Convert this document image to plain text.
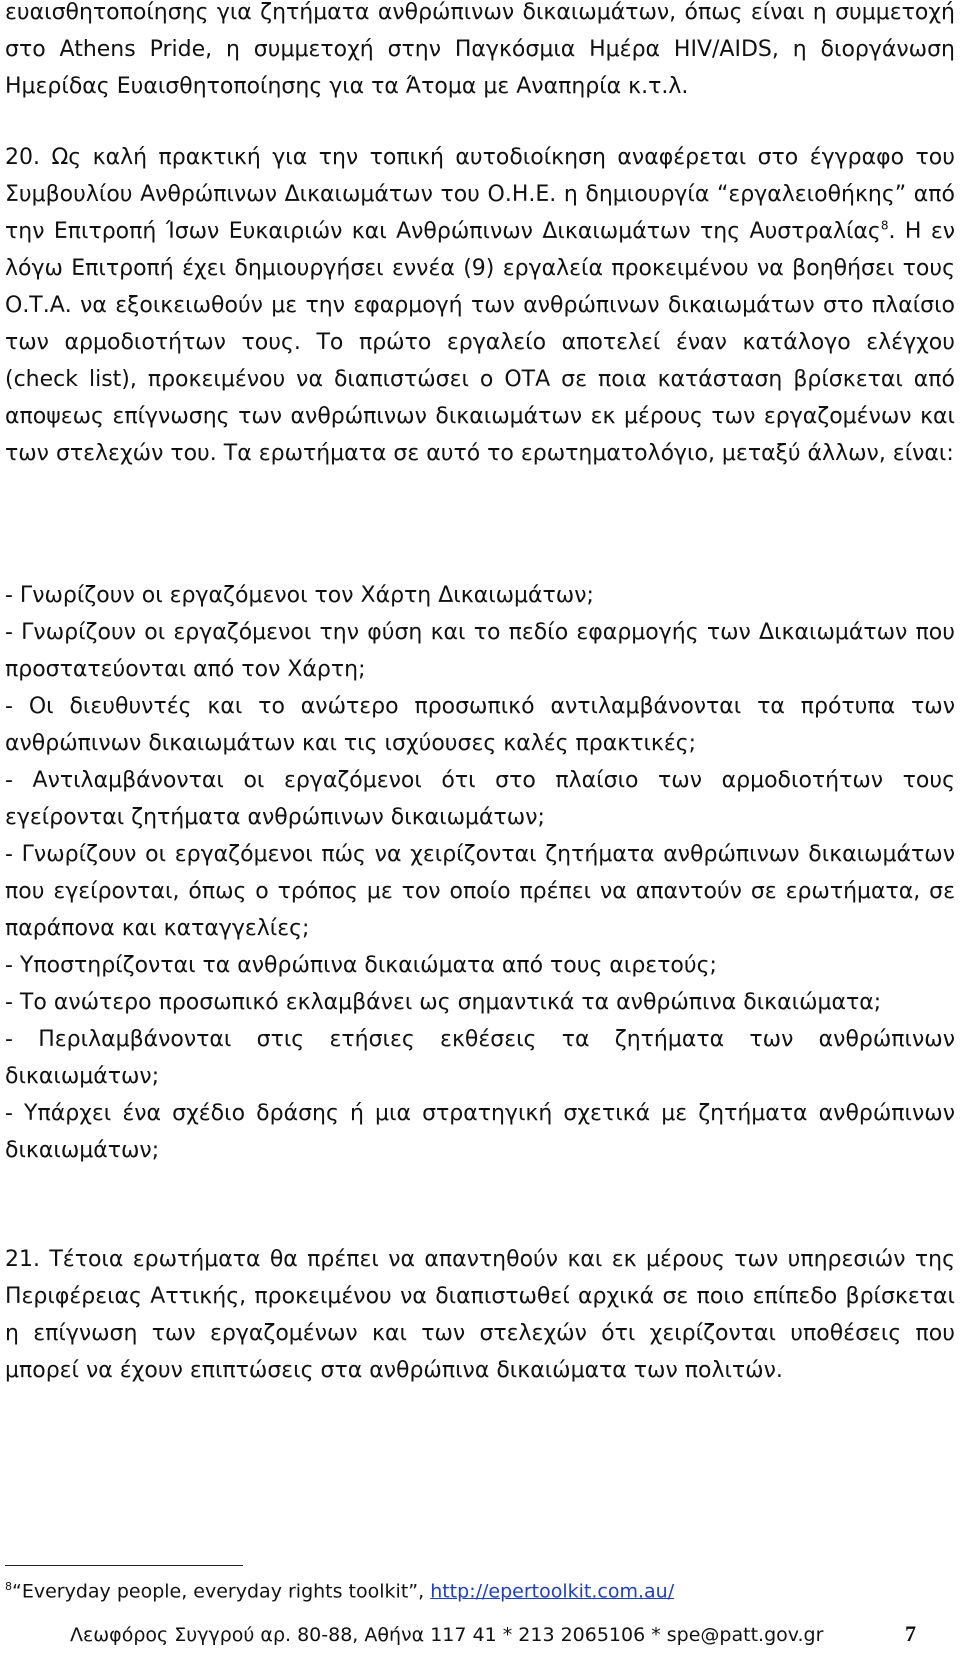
ευαισθητοποίησης για ζητήματα ανθρώπινων δικαιωμάτων, όπως είναι η συμμετοχή στο Athens Pride, η συμμετοχή στην Παγκόσμια Ημέρα HIV/AIDS, η διοργάνωση Ημερίδας Ευαισθητοποίησης για τα Άτομα με Αναπηρία κ.τ.λ.

20. Ως καλή πρακτική για την τοπική αυτοδιοίκηση αναφέρεται στο έγγραφο του Συμβουλίου Ανθρώπινων Δικαιωμάτων του Ο.Η.Ε. η δημιουργία “εργαλειοθήκης” από την Επιτροπή Ίσων Ευκαιριών και Ανθρώπινων Δικαιωμάτων της Αυστραλίας$^8$. Η εν λόγω Επιτροπή έχει δημιουργήσει εννέα (9) εργαλεία προκειμένου να βοηθήσει τους Ο.Τ.Α. να εξοικειωθούν με την εφαρμογή των ανθρώπινων δικαιωμάτων στο πλαίσιο των αρμοδιοτήτων τους. Το πρώτο εργαλείο αποτελεί έναν κατάλογο ελέγχου (check list), προκειμένου να διαπιστώσει ο ΟΤΑ σε ποια κατάσταση βρίσκεται από αποψεως επίγνωσης των ανθρώπινων δικαιωμάτων εκ μέρους των εργαζομένων και των στελεχών του. Τα ερωτήματα σε αυτό το ερωτηματολόγιο, μεταξύ άλλων, είναι:

- Γνωρίζουν οι εργαζόμενοι τον Χάρτη Δικαιωμάτων;

- Γνωρίζουν οι εργαζόμενοι την φύση και το πεδίο εφαρμογής των Δικαιωμάτων που προστατεύονται από τον Χάρτη;

- Οι διευθυντές και το ανώτερο προσωπικό αντιλαμβάνονται τα πρότυπα των ανθρώπινων δικαιωμάτων και τις ισχύουσες καλές πρακτικές;

- Αντιλαμβάνονται οι εργαζόμενοι ότι στο πλαίσιο των αρμοδιοτήτων τους εγείρονται ζητήματα ανθρώπινων δικαιωμάτων;

- Γνωρίζουν οι εργαζόμενοι πώς να χειρίζονται ζητήματα ανθρώπινων δικαιωμάτων που εγείρονται, όπως ο τρόπος με τον οποίο πρέπει να απαντούν σε ερωτήματα, σε παράπονα και καταγγελίες;

- Υποστηρίζονται τα ανθρώπινα δικαιώματα από τους αιρετούς;

- Το ανώτερο προσωπικό εκλαμβάνει ως σημαντικά τα ανθρώπινα δικαιώματα;

- Περιλαμβάνονται στις ετήσιες εκθέσεις τα ζητήματα των ανθρώπινων δικαιωμάτων;

- Υπάρχει ένα σχέδιο δράσης ή μια στρατηγική σχετικά με ζητήματα ανθρώπινων δικαιωμάτων;

21. Τέτοια ερωτήματα θα πρέπει να απαντηθούν και εκ μέρους των υπηρεσιών της Περιφέρειας Αττικής, προκειμένου να διαπιστωθεί αρχικά σε ποιο επίπεδο βρίσκεται η επίγνωση των εργαζομένων και των στελεχών ότι χειρίζονται υποθέσεις που μπορεί να έχουν επιπτώσεις στα ανθρώπινα δικαιώματα των πολιτών.

$^8$“Everyday people, everyday rights toolkit”, http://epertoolkit.com.au/
Λεωφόρος Συγγρού αρ. 80-88, Αθήνα 117 41 * 213 2065106 * spe@patt.gov.gr	7
